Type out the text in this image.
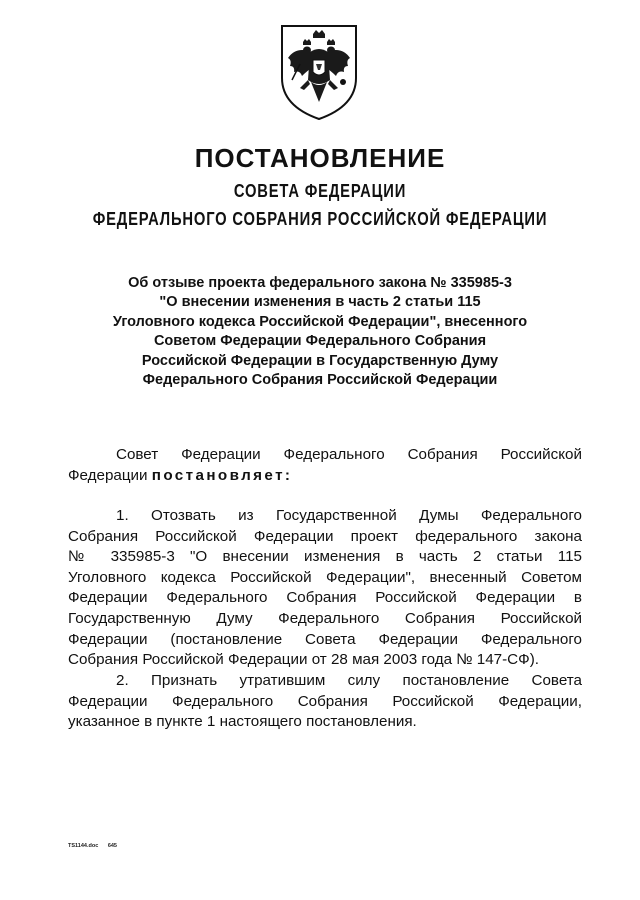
ПОСТАНОВЛЕНИЕ
СОВЕТА ФЕДЕРАЦИИ
ФЕДЕРАЛЬНОГО СОБРАНИЯ РОССИЙСКОЙ ФЕДЕРАЦИИ
Об отзыве проекта федерального закона № 335985-3
"О внесении изменения в часть 2 статьи 115
Уголовного кодекса Российской Федерации", внесенного
Советом Федерации Федерального Собрания
Российской Федерации в Государственную Думу
Федерального Собрания Российской Федерации
Совет Федерации Федерального Собрания Российской
Федерации постановляет:
1. Отозвать из Государственной Думы Федерального
Собрания Российской Федерации проект федерального закона
№ 335985-3 "О внесении изменения в часть 2 статьи 115
Уголовного кодекса Российской Федерации", внесенный Советом
Федерации Федерального Собрания Российской Федерации в
Государственную Думу Федерального Собрания Российской
Федерации (постановление Совета Федерации Федерального
Собрания Российской Федерации от 28 мая 2003 года № 147-СФ).
2. Признать утратившим силу постановление Совета
Федерации Федерального Собрания Российской Федерации,
указанное в пункте 1 настоящего постановления.
TS1144.doc 645
